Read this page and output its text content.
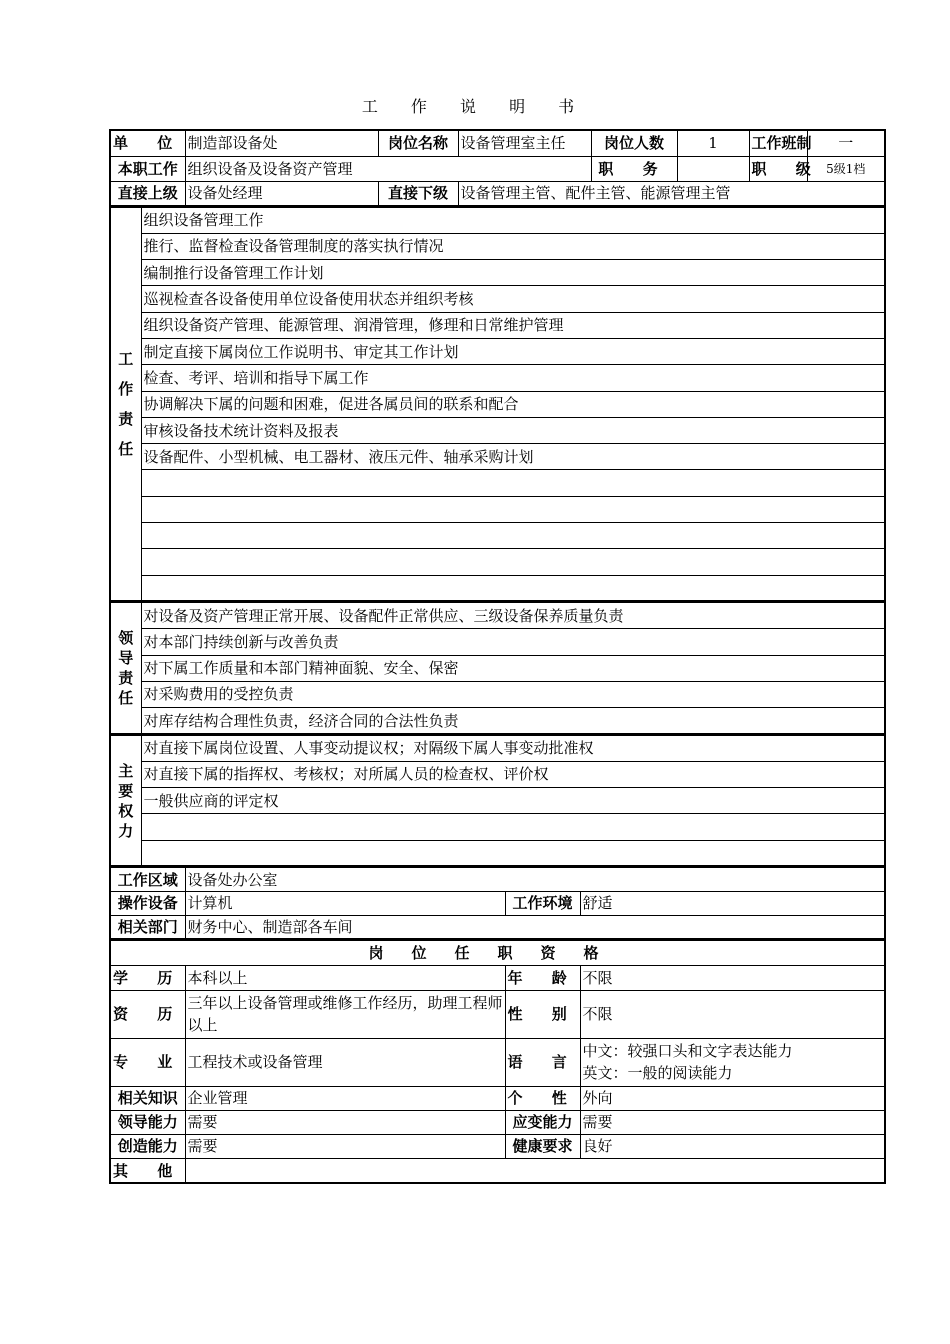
工 作 说 明 书
单 位	制造部设备处	岗位名称	设备管理室主任	岗位人数	1	工作班制	一
本职工作	组织设备及设备资产管理			职 务		职 级	5级1档
直接上级	设备处经理	直接下级	设备管理主管、配件主管、能源管理主管				
工
作
责
任
	组织设备管理工作
推行、监督检查设备管理制度的落实执行情况
编制推行设备管理工作计划
巡视检查各设备使用单位设备使用状态并组织考核
组织设备资产管理、能源管理、润滑管理，修理和日常维护管理
制定直接下属岗位工作说明书、审定其工作计划
检查、考评、培训和指导下属工作
协调解决下属的问题和困难，促进各属员间的联系和配合
审核设备技术统计资料及报表
设备配件、小型机械、电工器材、液压元件、轴承采购计划

领
导
责
任
	对设备及资产管理正常开展、设备配件正常供应、三级设备保养质量负责
对本部门持续创新与改善负责
对下属工作质量和本部门精神面貌、安全、保密
对采购费用的受控负责
对库存结构合理性负责，经济合同的合法性负责
主
要
权
力
	对直接下属岗位设置、人事变动提议权；对隔级下属人事变动批准权
对直接下属的指挥权、考核权；对所属人员的检查权、评价权
一般供应商的评定权

工作区域	设备处办公室		
操作设备	计算机	工作环境	舒适
相关部门	财务中心、制造部各车间		
岗位任职资格			
学 历	本科以上	年 龄	不限
资 历	三年以上设备管理或维修工作经历，助理工程师以上	性 别	不限
专 业	工程技术或设备管理	语 言	中文：较强口头和文字表达能力
英文：一般的阅读能力

相关知识	企业管理	个 性	外向
领导能力	需要	应变能力	需要
创造能力	需要	健康要求	良好
其 他			
